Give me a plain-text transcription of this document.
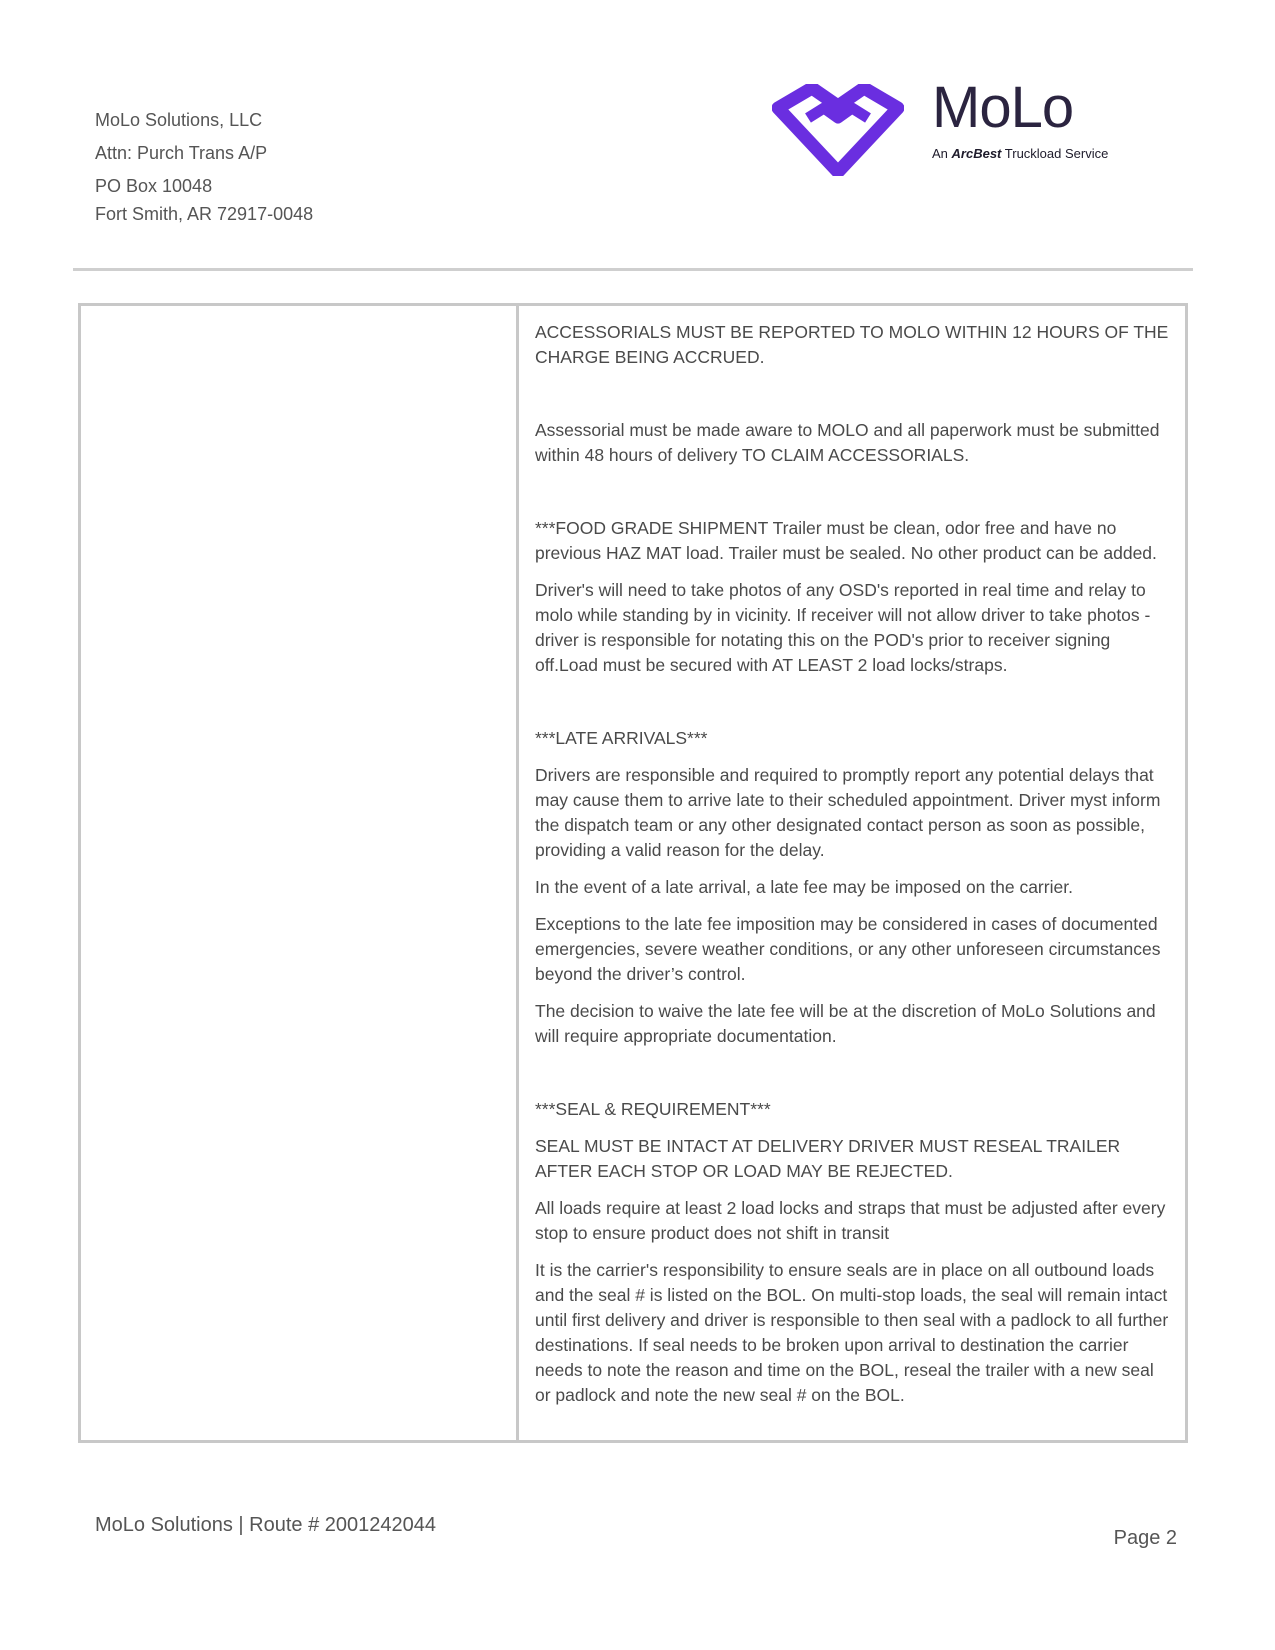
MoLo Solutions, LLC
Attn: Purch Trans A/P
PO Box 10048
Fort Smith, AR 72917-0048
MoLo
An ArcBest Truckload Service

ACCESSORIALS MUST BE REPORTED TO MOLO WITHIN 12 HOURS OF THE CHARGE BEING ACCRUED.

Assessorial must be made aware to MOLO and all paperwork must be submitted within 48 hours of delivery TO CLAIM ACCESSORIALS.

***FOOD GRADE SHIPMENT Trailer must be clean, odor free and have no previous HAZ MAT load. Trailer must be sealed. No other product can be added.

Driver's will need to take photos of any OSD's reported in real time and relay to molo while standing by in vicinity. If receiver will not allow driver to take photos - driver is responsible for notating this on the POD's prior to receiver signing off.Load must be secured with AT LEAST 2 load locks/straps.

***LATE ARRIVALS***

Drivers are responsible and required to promptly report any potential delays that may cause them to arrive late to their scheduled appointment. Driver myst inform the dispatch team or any other designated contact person as soon as possible, providing a valid reason for the delay.

In the event of a late arrival, a late fee may be imposed on the carrier.

Exceptions to the late fee imposition may be considered in cases of documented emergencies, severe weather conditions, or any other unforeseen circumstances beyond the driver’s control.

The decision to waive the late fee will be at the discretion of MoLo Solutions and will require appropriate documentation.

***SEAL & REQUIREMENT***

SEAL MUST BE INTACT AT DELIVERY DRIVER MUST RESEAL TRAILER AFTER EACH STOP OR LOAD MAY BE REJECTED.

All loads require at least 2 load locks and straps that must be adjusted after every stop to ensure product does not shift in transit

It is the carrier's responsibility to ensure seals are in place on all outbound loads and the seal # is listed on the BOL. On multi-stop loads, the seal will remain intact until first delivery and driver is responsible to then seal with a padlock to all further destinations. If seal needs to be broken upon arrival to destination the carrier needs to note the reason and time on the BOL, reseal the trailer with a new seal or padlock and note the new seal # on the BOL.

MoLo Solutions | Route # 2001242044
Page 2
